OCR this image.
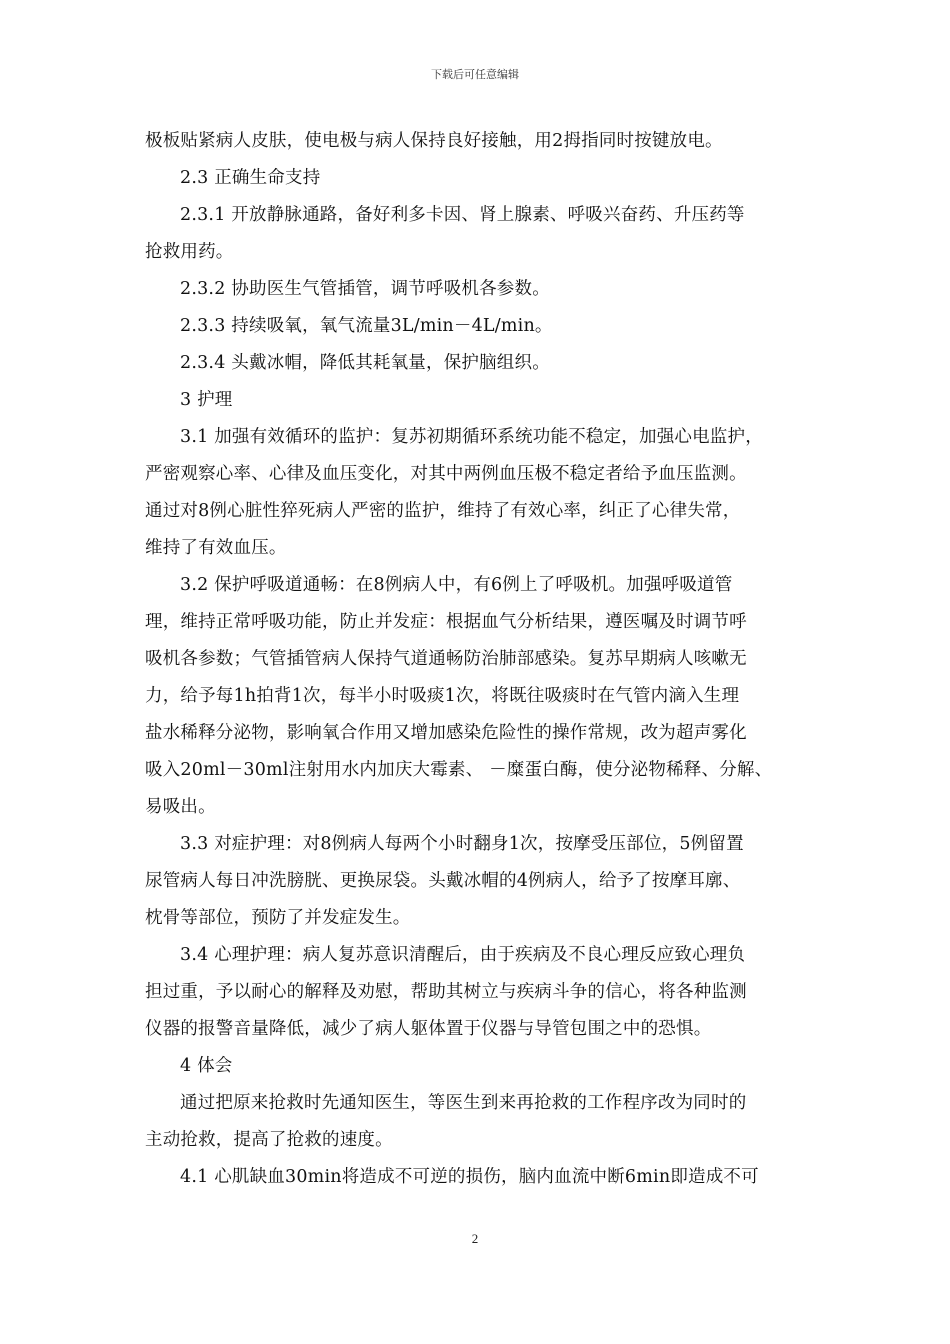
下载后可任意编辑
极板贴紧病人皮肤，使电极与病人保持良好接触，用2拇指同时按键放电。
2.3 正确生命支持
2.3.1 开放静脉通路，备好利多卡因、肾上腺素、呼吸兴奋药、升压药等
抢救用药。
2.3.2 协助医生气管插管，调节呼吸机各参数。
2.3.3 持续吸氧，氧气流量3L/min－4L/min。
2.3.4 头戴冰帽，降低其耗氧量，保护脑组织。
3 护理
3.1 加强有效循环的监护：复苏初期循环系统功能不稳定，加强心电监护，
严密观察心率、心律及血压变化，对其中两例血压极不稳定者给予血压监测。
通过对8例心脏性猝死病人严密的监护，维持了有效心率，纠正了心律失常，
维持了有效血压。
3.2 保护呼吸道通畅：在8例病人中，有6例上了呼吸机。加强呼吸道管
理，维持正常呼吸功能，防止并发症：根据血气分析结果，遵医嘱及时调节呼
吸机各参数；气管插管病人保持气道通畅防治肺部感染。复苏早期病人咳嗽无
力，给予每1h拍背1次，每半小时吸痰1次，将既往吸痰时在气管内滴入生理
盐水稀释分泌物，影响氧合作用又增加感染危险性的操作常规，改为超声雾化
吸入20ml－30ml注射用水内加庆大霉素、 －糜蛋白酶，使分泌物稀释、分解、
易吸出。
3.3 对症护理：对8例病人每两个小时翻身1次，按摩受压部位，5例留置
尿管病人每日冲洗膀胱、更换尿袋。头戴冰帽的4例病人，给予了按摩耳廓、
枕骨等部位，预防了并发症发生。
3.4 心理护理：病人复苏意识清醒后，由于疾病及不良心理反应致心理负
担过重，予以耐心的解释及劝慰，帮助其树立与疾病斗争的信心，将各种监测
仪器的报警音量降低，减少了病人躯体置于仪器与导管包围之中的恐惧。
4 体会
通过把原来抢救时先通知医生，等医生到来再抢救的工作程序改为同时的
主动抢救，提高了抢救的速度。
4.1 心肌缺血30min将造成不可逆的损伤，脑内血流中断6min即造成不可
2
